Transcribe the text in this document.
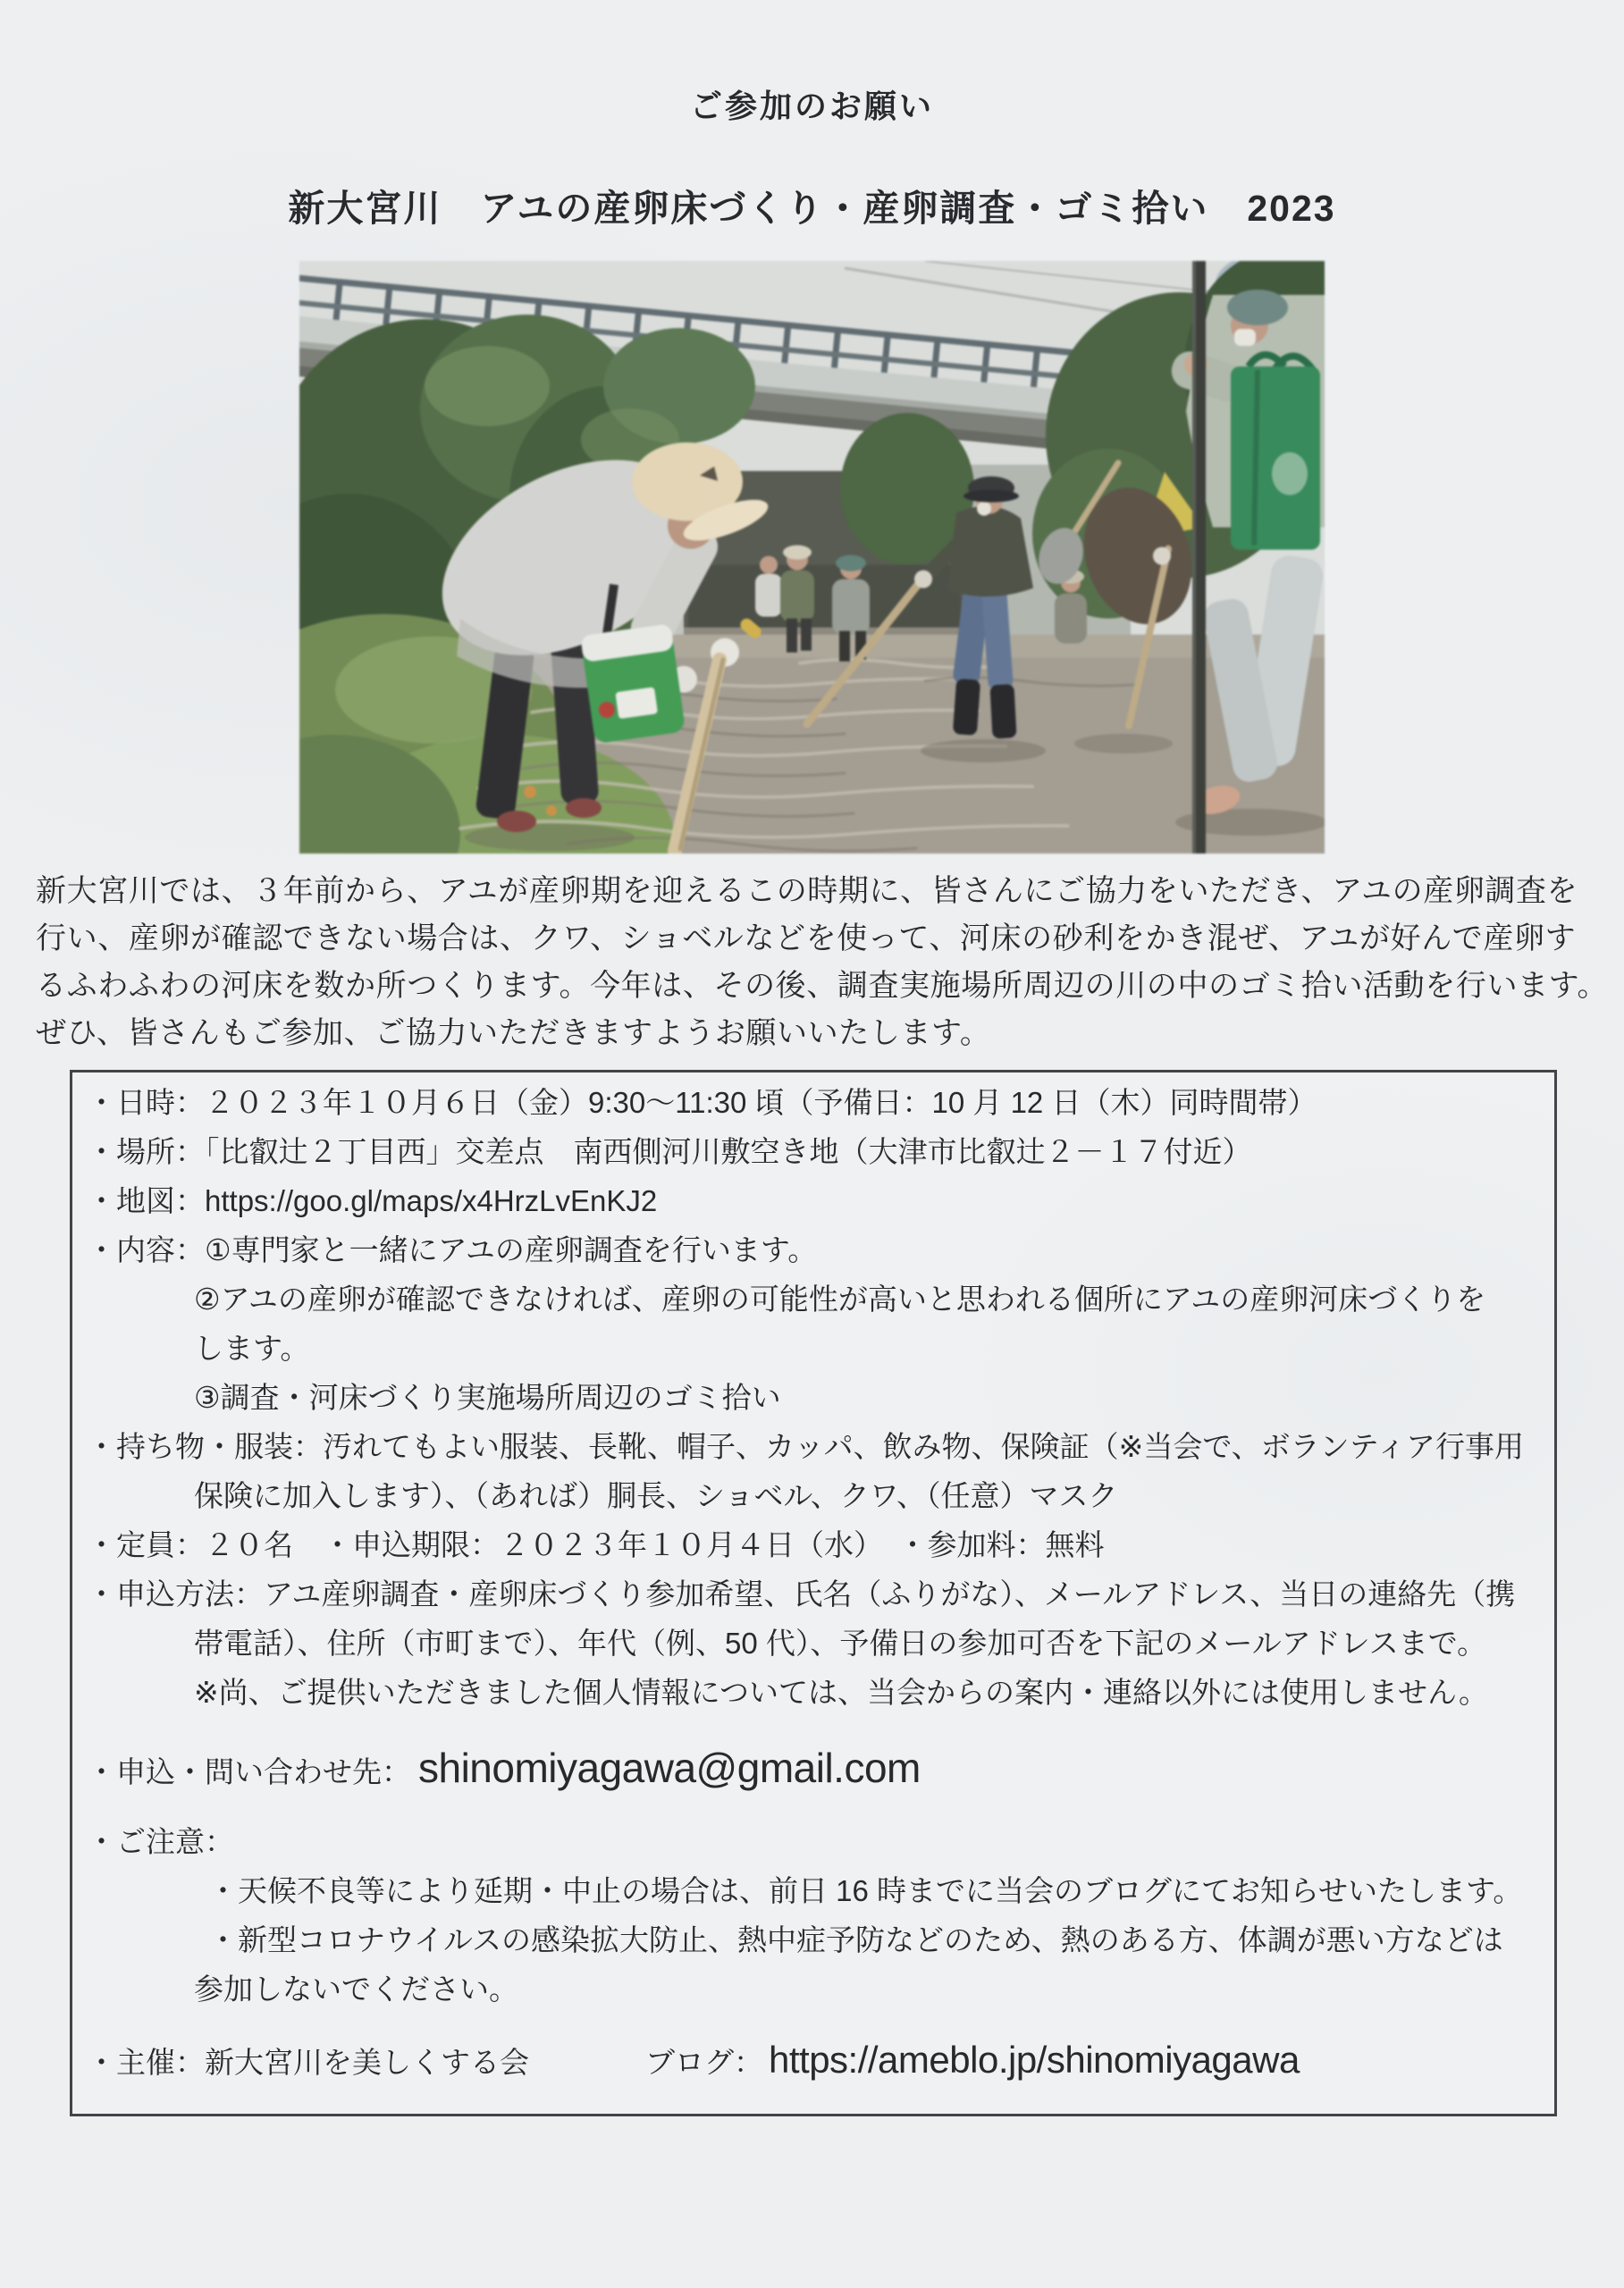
ご参加のお願い
新大宮川　アユの産卵床づくり・産卵調査・ゴミ拾い　2023
新大宮川では、３年前から、アユが産卵期を迎えるこの時期に、皆さんにご協力をいただき、アユの産卵調査を
行い、産卵が確認できない場合は、クワ、ショベルなどを使って、河床の砂利をかき混ぜ、アユが好んで産卵す
るふわふわの河床を数か所つくります。今年は、その後、調査実施場所周辺の川の中のゴミ拾い活動を行います。
ぜひ、皆さんもご参加、ご協力いただきますようお願いいたします。
・日時：２０２３年１０月６日（金）9:30～11:30 頃（予備日：10 月 12 日（木）同時間帯）
・場所：「比叡辻２丁目西」交差点　南西側河川敷空き地（大津市比叡辻２－１７付近）
・地図：https://goo.gl/maps/x4HrzLvEnKJ2
・内容：①専門家と一緒にアユの産卵調査を行います。
②アユの産卵が確認できなければ、産卵の可能性が高いと思われる個所にアユの産卵河床づくりを
します。
③調査・河床づくり実施場所周辺のゴミ拾い
・持ち物・服装：汚れてもよい服装、長靴、帽子、カッパ、飲み物、保険証（※当会で、ボランティア行事用
保険に加入します）、（あれば）胴長、ショベル、クワ、（任意）マスク
・定員：２０名　・申込期限：２０２３年１０月４日（水）　・参加料：無料
・申込方法：アユ産卵調査・産卵床づくり参加希望、氏名（ふりがな）、メールアドレス、当日の連絡先（携
帯電話）、住所（市町まで）、年代（例、50 代）、予備日の参加可否を下記のメールアドレスまで。
※尚、ご提供いただきました個人情報については、当会からの案内・連絡以外には使用しません。
・申込・問い合わせ先： shinomiyagawa@gmail.com
・ご注意：
・天候不良等により延期・中止の場合は、前日 16 時までに当会のブログにてお知らせいたします。
・新型コロナウイルスの感染拡大防止、熱中症予防などのため、熱のある方、体調が悪い方などは
参加しないでください。
・主催：新大宮川を美しくする会	ブログ： https://ameblo.jp/shinomiyagawa
